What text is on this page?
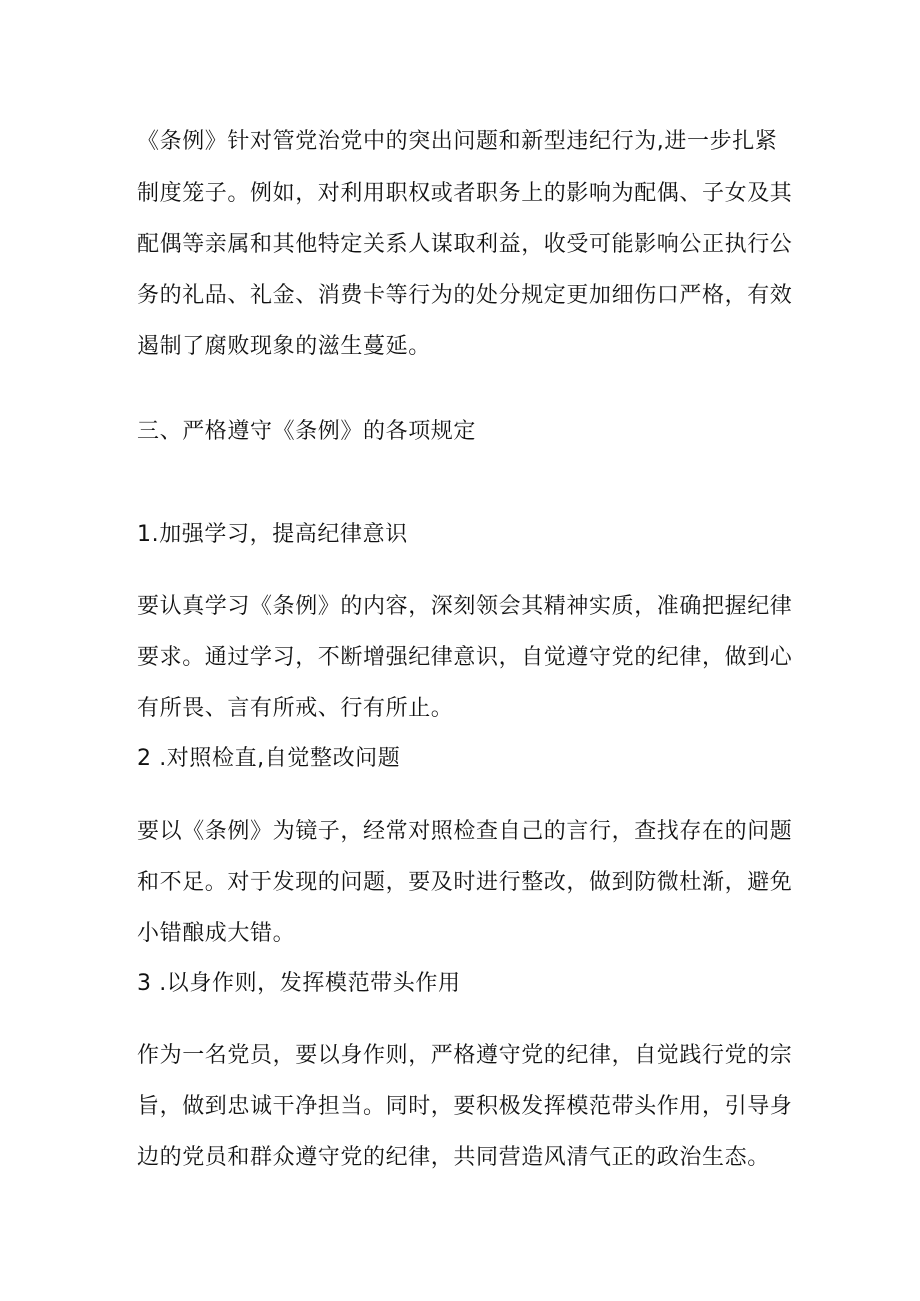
《条例》针对管党治党中的突出问题和新型违纪行为,进一步扎紧
制度笼子。例如，对利用职权或者职务上的影响为配偶、子女及其
配偶等亲属和其他特定关系人谋取利益，收受可能影响公正执行公
务的礼品、礼金、消费卡等行为的处分规定更加细伤口严格，有效
遏制了腐败现象的滋生蔓延。
三、严格遵守《条例》的各项规定
1.加强学习，提高纪律意识
要认真学习《条例》的内容，深刻领会其精神实质，准确把握纪律
要求。通过学习，不断增强纪律意识，自觉遵守党的纪律，做到心
有所畏、言有所戒、行有所止。
2 .对照检直,自觉整改问题
要以《条例》为镜子，经常对照检查自己的言行，查找存在的问题
和不足。对于发现的问题，要及时进行整改，做到防微杜渐，避免
小错酿成大错。
3 .以身作则，发挥模范带头作用
作为一名党员，要以身作则，严格遵守党的纪律，自觉践行党的宗
旨，做到忠诚干净担当。同时，要积极发挥模范带头作用，引导身
边的党员和群众遵守党的纪律，共同营造风清气正的政治生态。
